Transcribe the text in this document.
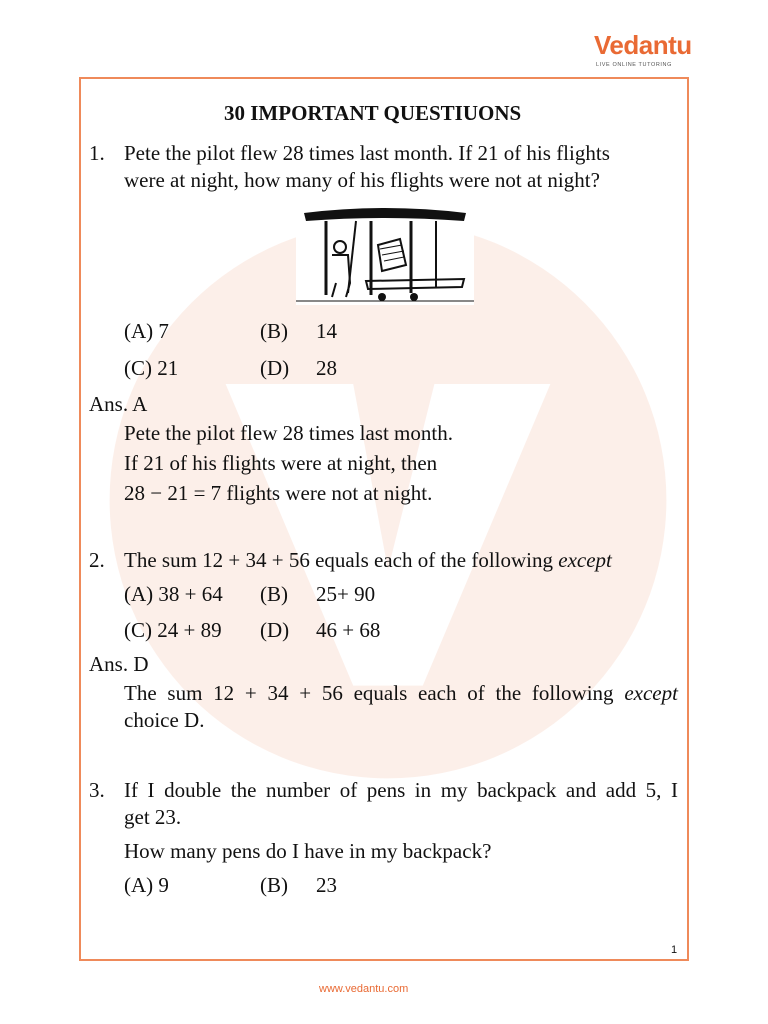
Vedantu
LIVE ONLINE TUTORING
30 IMPORTANT QUESTIUONS
1. Pete the pilot flew 28 times last month. If 21 of his flights
were at night, how many of his flights were not at night?
(A) 7	(B) 14
(C) 21	(D) 28
Ans. A
Pete the pilot flew 28 times last month.
If 21 of his flights were at night, then
28 − 21 = 7 flights were not at night.
2. The sum 12 + 34 + 56 equals each of the following except
(A) 38 + 64 (B) 25+ 90
(C) 24 + 89 (D) 46 + 68
Ans. D
The sum 12 + 34 + 56 equals each of the following except
choice D.
3. If I double the number of pens in my backpack and add 5, I
get 23.
How many pens do I have in my backpack?
(A) 9	(B) 23
1
www.vedantu.com
